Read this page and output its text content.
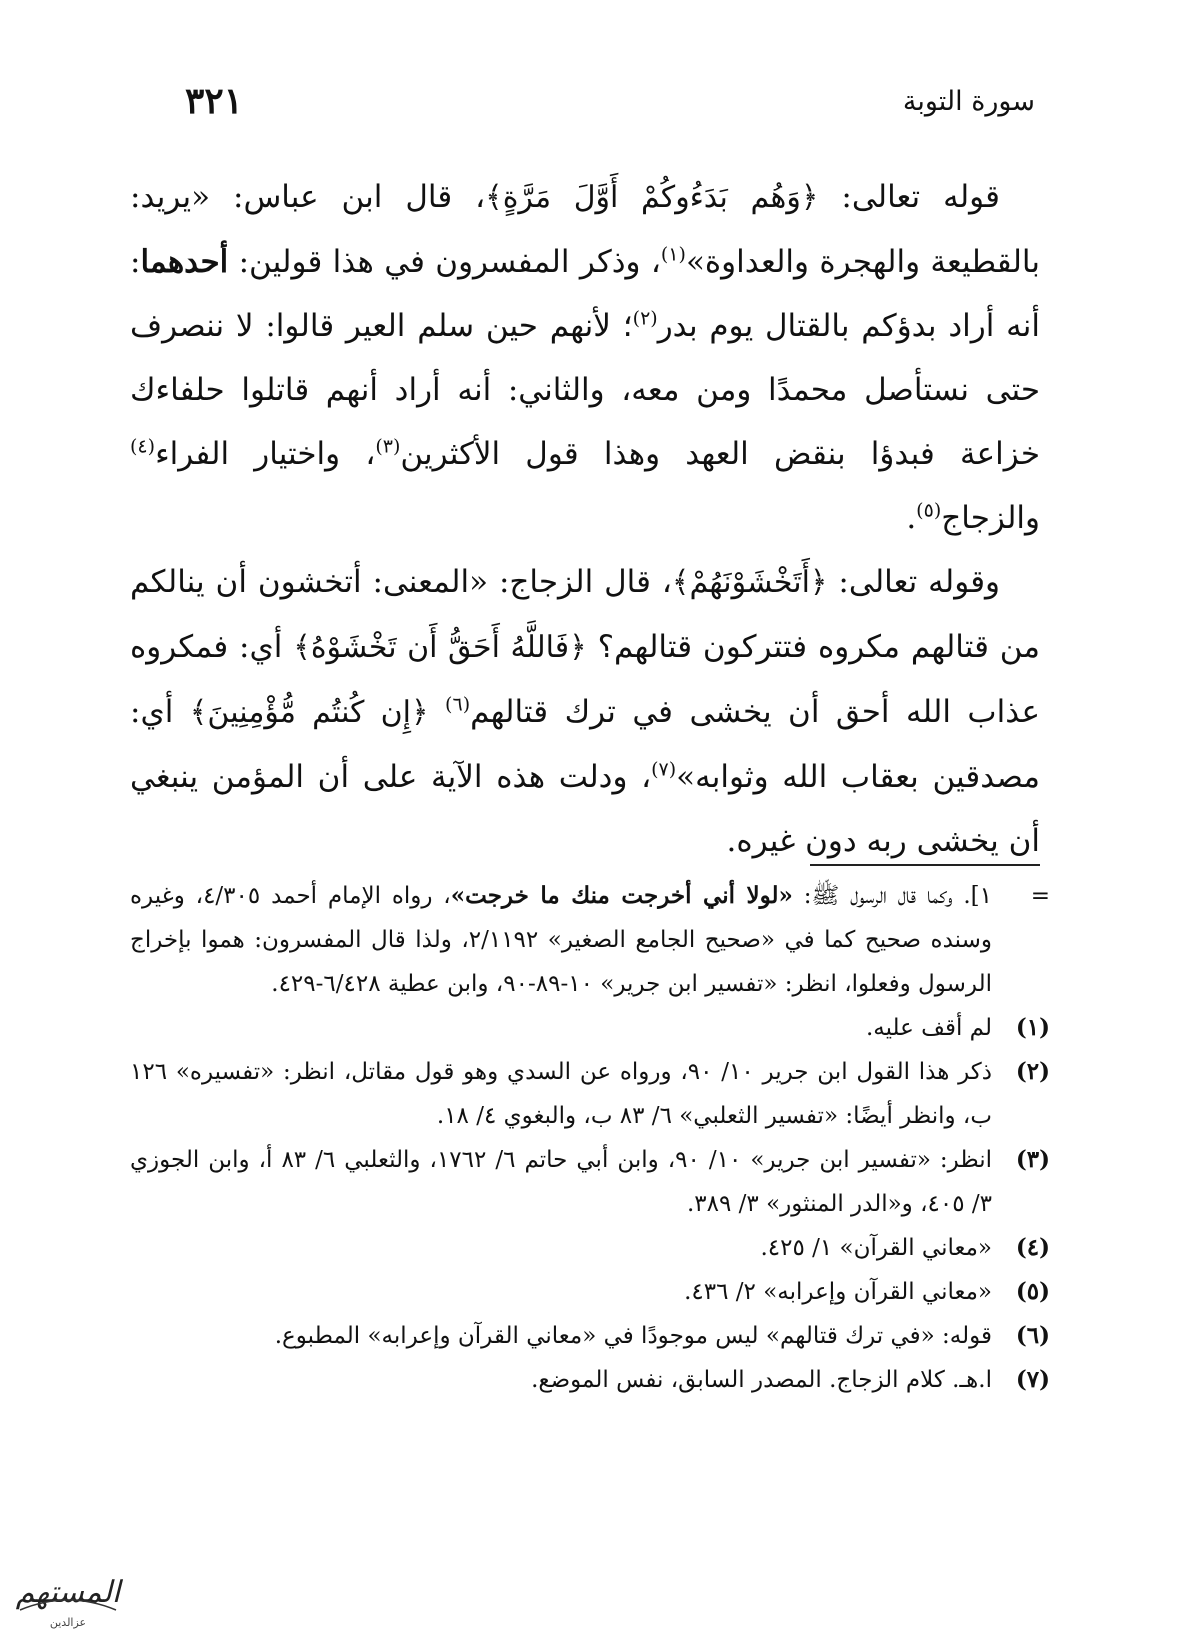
سورة التوبة
٣٢١

قوله تعالى: ﴿وَهُم بَدَءُوكُمْ أَوَّلَ مَرَّةٍ﴾، قال ابن عباس: «يريد: بالقطيعة والهجرة والعداوة»$^{(١)}$، وذكر المفسرون في هذا قولين: أحدهما: أنه أراد بدؤكم بالقتال يوم بدر$^{(٢)}$؛ لأنهم حين سلم العير قالوا: لا ننصرف حتى نستأصل محمدًا ومن معه، والثاني: أنه أراد أنهم قاتلوا حلفاءك خزاعة فبدؤا بنقض العهد وهذا قول الأكثرين$^{(٣)}$، واختيار الفراء$^{(٤)}$ والزجاج$^{(٥)}$.

وقوله تعالى: ﴿أَتَخْشَوْنَهُمْ﴾، قال الزجاج: «المعنى: أتخشون أن ينالكم من قتالهم مكروه فتتركون قتالهم؟ ﴿فَاللَّهُ أَحَقُّ أَن تَخْشَوْهُ﴾ أي: فمكروه عذاب الله أحق أن يخشى في ترك قتالهم$^{(٦)}$ ﴿إِن كُنتُم مُّؤْمِنِينَ﴾ أي: مصدقين بعقاب الله وثوابه»$^{(٧)}$، ودلت هذه الآية على أن المؤمن ينبغي أن يخشى ربه دون غيره.

=
١]. وكما قال الرسول ﷺ: «لولا أني أخرجت منك ما خرجت»، رواه الإمام أحمد ٤/٣٠٥، وغيره وسنده صحيح كما في «صحيح الجامع الصغير» ٢/١١٩٢، ولذا قال المفسرون: هموا بإخراج الرسول وفعلوا، انظر: «تفسير ابن جرير» ١٠-٨٩-٩٠، وابن عطية ٦/٤٢٨-٤٢٩.
(١)
لم أقف عليه.
(٢)
ذكر هذا القول ابن جرير ١٠/ ٩٠، ورواه عن السدي وهو قول مقاتل، انظر: «تفسيره» ١٢٦ ب، وانظر أيضًا: «تفسير الثعلبي» ٦/ ٨٣ ب، والبغوي ٤/ ١٨.
(٣)
انظر: «تفسير ابن جرير» ١٠/ ٩٠، وابن أبي حاتم ٦/ ١٧٦٢، والثعلبي ٦/ ٨٣ أ، وابن الجوزي ٣/ ٤٠٥، و«الدر المنثور» ٣/ ٣٨٩.
(٤)
«معاني القرآن» ١/ ٤٢٥.
(٥)
«معاني القرآن وإعرابه» ٢/ ٤٣٦.
(٦)
قوله: «في ترك قتالهم» ليس موجودًا في «معاني القرآن وإعرابه» المطبوع.
(٧)
ا.هـ. كلام الزجاج. المصدر السابق، نفس الموضع.
المستهم
عزالدين
